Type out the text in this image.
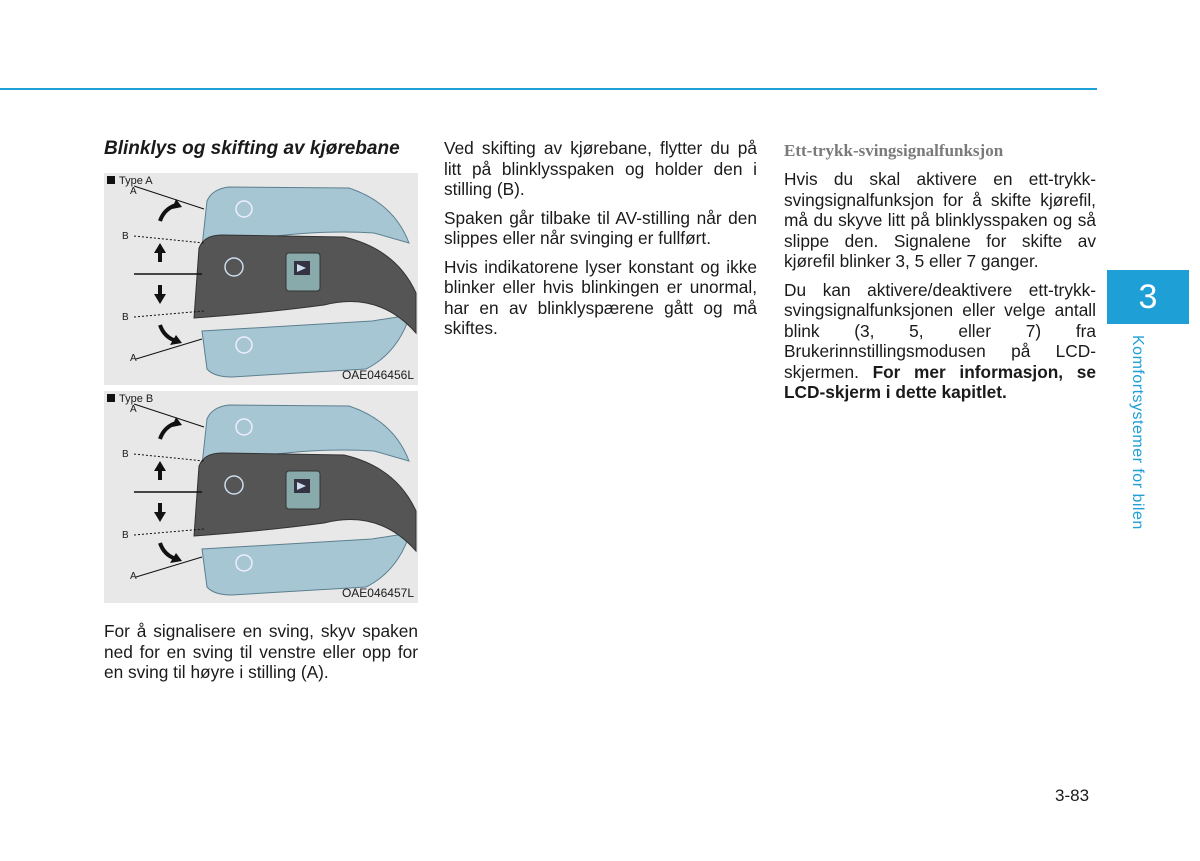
Blinklys og skifting av kjørebane
Type A
A
B
B
A
OAE046456L
Type B
A
B
B
A
OAE046457L

For å signalisere en sving, skyv spaken ned for en sving til venstre eller opp for en sving til høyre i stilling (A).

Ved skifting av kjørebane, flytter du på litt på blinklysspaken og holder den i stilling (B).

Spaken går tilbake til AV-stilling når den slippes eller når svinging er fullført.

Hvis indikatorene lyser konstant og ikke blinker eller hvis blinkingen er unormal, har en av blinklyspærene gått og må skiftes.

Ett-trykk-svingsignalfunksjon

Hvis du skal aktivere en ett-trykk-svingsignalfunksjon for å skifte kjørefil, må du skyve litt på blinklysspaken og så slippe den. Signalene for skifte av kjørefil blinker 3, 5 eller 7 ganger.

Du kan aktivere/deaktivere ett-trykk-svingsignalfunksjonen eller velge antall blink (3, 5, eller 7) fra Brukerinnstillingsmodusen på LCD-skjermen. For mer informasjon, se LCD-skjerm i dette kapitlet.

3
Komfortsystemer for bilen
3-83
